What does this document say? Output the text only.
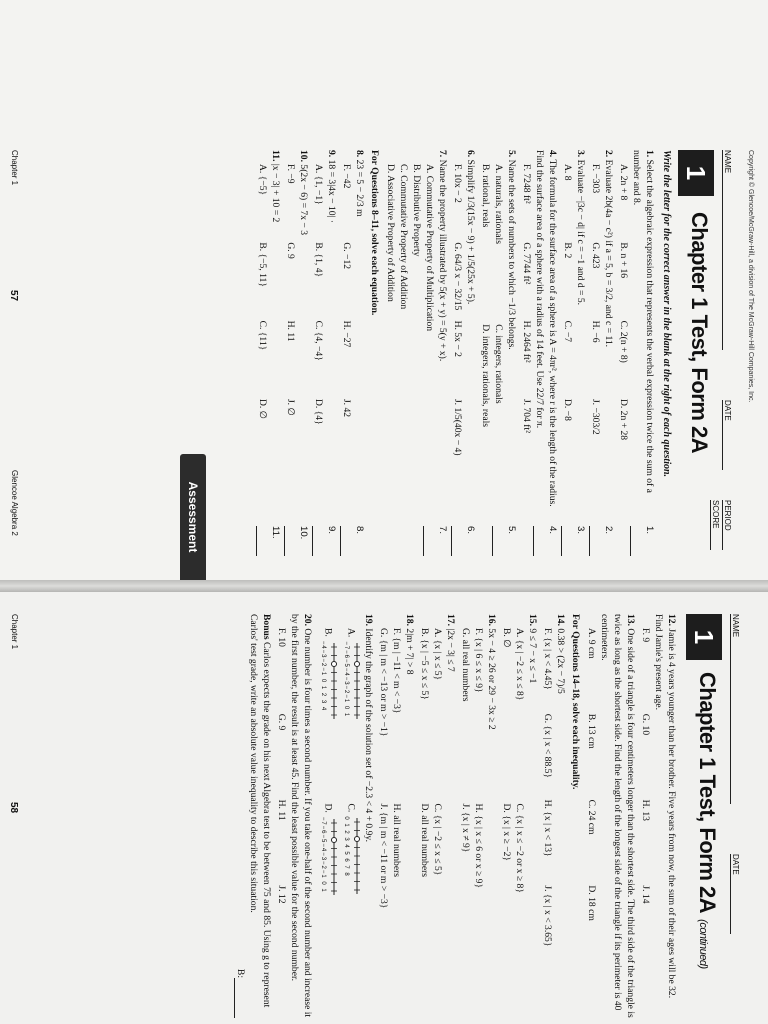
Copyright © Glencoe/McGraw-Hill, a division of The McGraw-Hill Companies, Inc.
NAME
DATE
PERIOD
SCORE
1
Chapter 1 Test, Form 2A
Write the letter for the correct answer in the blank at the right of each question.
1. Select the algebraic expression that represents the verbal expression twice the sum of a number and 8.
A. 2n + 8
B. n + 16
C. 2(n + 8)
D. 2n + 28
1.
2. Evaluate 2b(4a − c²) if a = 5, b = 3/2, and c = 11.
F. −303
G. 423
H. −6
J. −303/2
2.
3. Evaluate −|3c − d| if c = −1 and d = 5.
A. 8
B. 2
C. −7
D. −8
3.
4. The formula for the surface area of a sphere is A = 4πr², where r is the length of the radius. Find the surface area of a sphere with a radius of 14 feet. Use 22/7 for π.
F. 7248 ft²
G. 7744 ft²
H. 2464 ft²
J. 704 ft²
4.
5. Name the sets of numbers to which −1/3 belongs.
A. naturals, rationals
C. integers, rationals
B. rational, reals
D. integers, rationals, reals
5.
6. Simplify 1/3(15x − 9) + 1/5(25x + 5).
F. 10x − 2
G. 64/3 x − 32/15
H. 5x − 2
J. 1/5(40x − 4)
6.
7. Name the property illustrated by 5(x + y) = 5(y + x).
A. Commutative Property of Multiplication
B. Distributive Property
C. Commutative Property of Addition
D. Associative Property of Addition
7.
For Questions 8–11, solve each equation.
8. 23 = 5 − 2/3 m
F. −42
G. −12
H. −27
J. 42
8.
9. 18 = 3|4x − 10| ·
A. {1, −1}
B. {1, 4}
C. {4, −4}
D. {4}
9.
10. 5(2x − 6) = 7x − 3
F. −9
G. 9
H. 11
J. ∅
10.
11. |x − 3| + 10 = 2
A. {−5}
B. {−5, 11}
C. {11}
D. ∅
11.
Assessment
Chapter 1
57
Glencoe Algebra 2
NAME
DATE
1
Chapter 1 Test, Form 2A(continued)
12. Jamie is 4 years younger than her brother. Five years from now, the sum of their ages will be 32. Find Jamie's present age.
F. 9
G. 10
H. 13
J. 14
13. One side of a triangle is four centimeters longer than the shortest side. The third side of the triangle is twice as long as the shortest side. Find the length of the longest side of the triangle if its perimeter is 40 centimeters.
A. 9 cm
B. 13 cm
C. 24 cm
D. 18 cm
For Questions 14–18, solve each inequality.
14. 0.38 > (2x − 7)/5
F. {x | x < 4.45}
G. {x | x < 88.5}
H. {x | x < 13}
J. {x | x < 3.65}
15. 9 ≤ 7 − x ≤ −1
A. {x | −2 ≤ x ≤ 8}
C. {x | x ≤ −2 or x ≥ 8}
B. ∅
D. {x | x ≥ −2}
16. 5x − 4 ≥ 26 or 29 − 3x ≥ 2
F. {x | 6 ≤ x ≤ 9}
H. {x | x ≤ 6 or x ≥ 9}
G. all real numbers
J. {x | x ≠ 9}
17. |2x − 3| ≤ 7
A. {x | x ≤ 5}
C. {x | −2 ≤ x ≤ 5}
B. {x | −5 ≤ x ≤ 5}
D. all real numbers
18. 2|m + 7| > 8
F. {m | −11 < m < −3}
H. all real numbers
G. {m | m < −13 or m > −1}
J. {m | m < −11 or m > −3}
19. Identify the graph of the solution set of −2.3 < 4 + 0.9y.
A.
−7−6−5−4−3−2−1 0 1
C.
0 1 2 3 4 5 6 7 8
B.
−4−3−2−1 0 1 2 3 4
D.
−7−6−5−4−3−2−1 0 1
20. One number is four times a second number. If you take one-half of the second number and increase it by the first number, the result is at least 45. Find the least possible value for the second number.
F. 10
G. 9
H. 11
J. 12
Bonus Carlos expects the grade on his next Algebra test to be between 75 and 85. Using g to represent Carlos' test grade, write an absolute value inequality to describe this situation.
B:
Chapter 1
58
